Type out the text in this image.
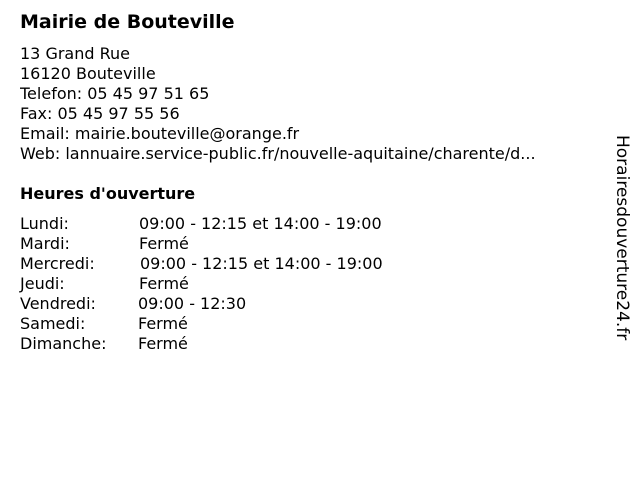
Mairie de Bouteville
13 Grand Rue
16120 Bouteville
Telefon: 05 45 97 51 65
Fax: 05 45 97 55 56
Email: mairie.bouteville@orange.fr
Web: lannuaire.service-public.fr/nouvelle-aquitaine/charente/d...
Heures d'ouverture
Lundi:	09:00 - 12:15 et 14:00 - 19:00
Mardi:	Fermé
Mercredi:	09:00 - 12:15 et 14:00 - 19:00
Jeudi:	Fermé
Vendredi:	09:00 - 12:30
Samedi:	Fermé
Dimanche: Fermé
Horairesdouverture24.fr
